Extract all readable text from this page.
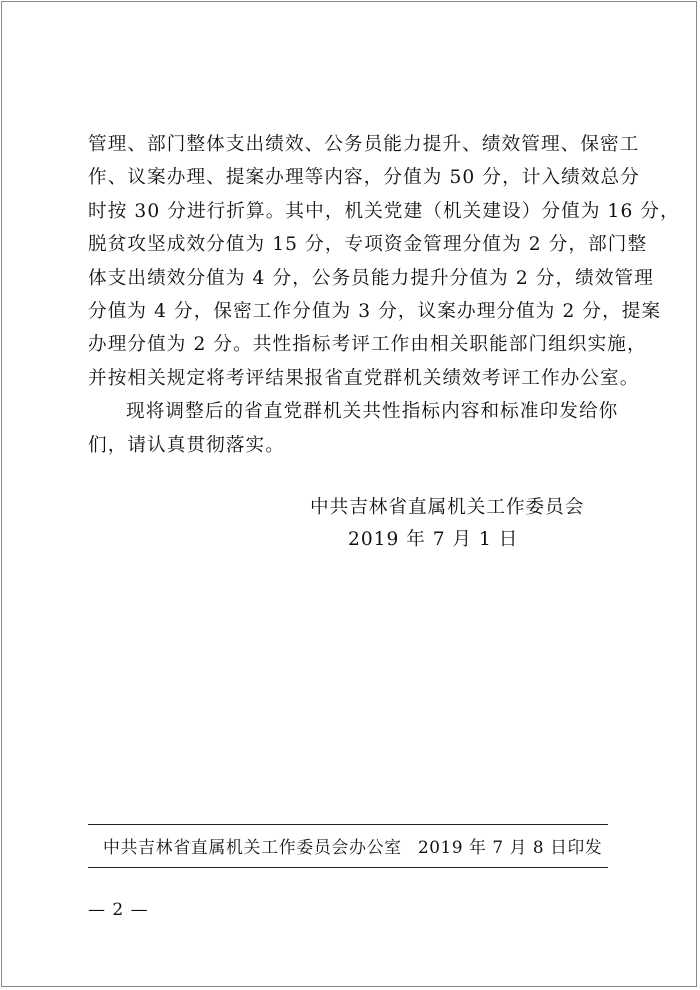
管理、部门整体支出绩效、公务员能力提升、绩效管理、保密工
作、议案办理、提案办理等内容，分值为 50 分，计入绩效总分
时按 30 分进行折算。其中，机关党建（机关建设）分值为 16 分，
脱贫攻坚成效分值为 15 分，专项资金管理分值为 2 分，部门整
体支出绩效分值为 4 分，公务员能力提升分值为 2 分，绩效管理
分值为 4 分，保密工作分值为 3 分，议案办理分值为 2 分，提案
办理分值为 2 分。共性指标考评工作由相关职能部门组织实施，
并按相关规定将考评结果报省直党群机关绩效考评工作办公室。
现将调整后的省直党群机关共性指标内容和标准印发给你
们，请认真贯彻落实。
中共吉林省直属机关工作委员会
2019 年 7 月 1 日
中共吉林省直属机关工作委员会办公室 2019 年 7 月 8 日印发
— 2 —
